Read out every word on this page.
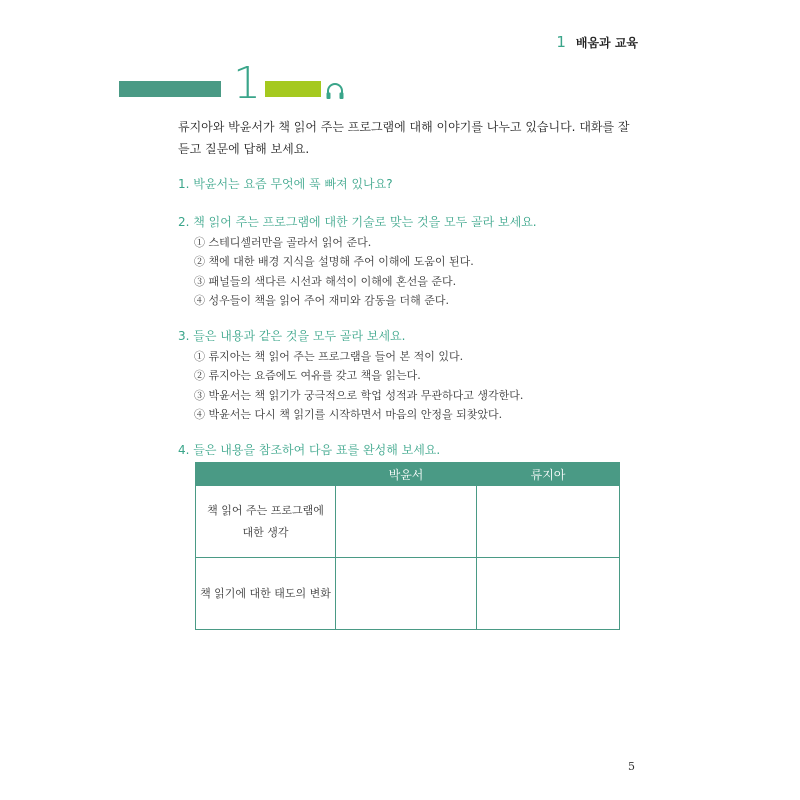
1 배움과 교육
1
류지아와 박윤서가 책 읽어 주는 프로그램에 대해 이야기를 나누고 있습니다. 대화를 잘 듣고 질문에 답해 보세요.
1. 박윤서는 요즘 무엇에 푹 빠져 있나요?
2. 책 읽어 주는 프로그램에 대한 기술로 맞는 것을 모두 골라 보세요.
① 스테디셀러만을 골라서 읽어 준다.
② 책에 대한 배경 지식을 설명해 주어 이해에 도움이 된다.
③ 패널들의 색다른 시선과 해석이 이해에 혼선을 준다.
④ 성우들이 책을 읽어 주어 재미와 감동을 더해 준다.
3. 들은 내용과 같은 것을 모두 골라 보세요.
① 류지아는 책 읽어 주는 프로그램을 들어 본 적이 있다.
② 류지아는 요즘에도 여유를 갖고 책을 읽는다.
③ 박윤서는 책 읽기가 궁극적으로 학업 성적과 무관하다고 생각한다.
④ 박윤서는 다시 책 읽기를 시작하면서 마음의 안정을 되찾았다.
4. 들은 내용을 참조하여 다음 표를 완성해 보세요.
	박윤서	류지아
책 읽어 주는 프로그램에
대한 생각		
책 읽기에 대한 태도의 변화		
5
